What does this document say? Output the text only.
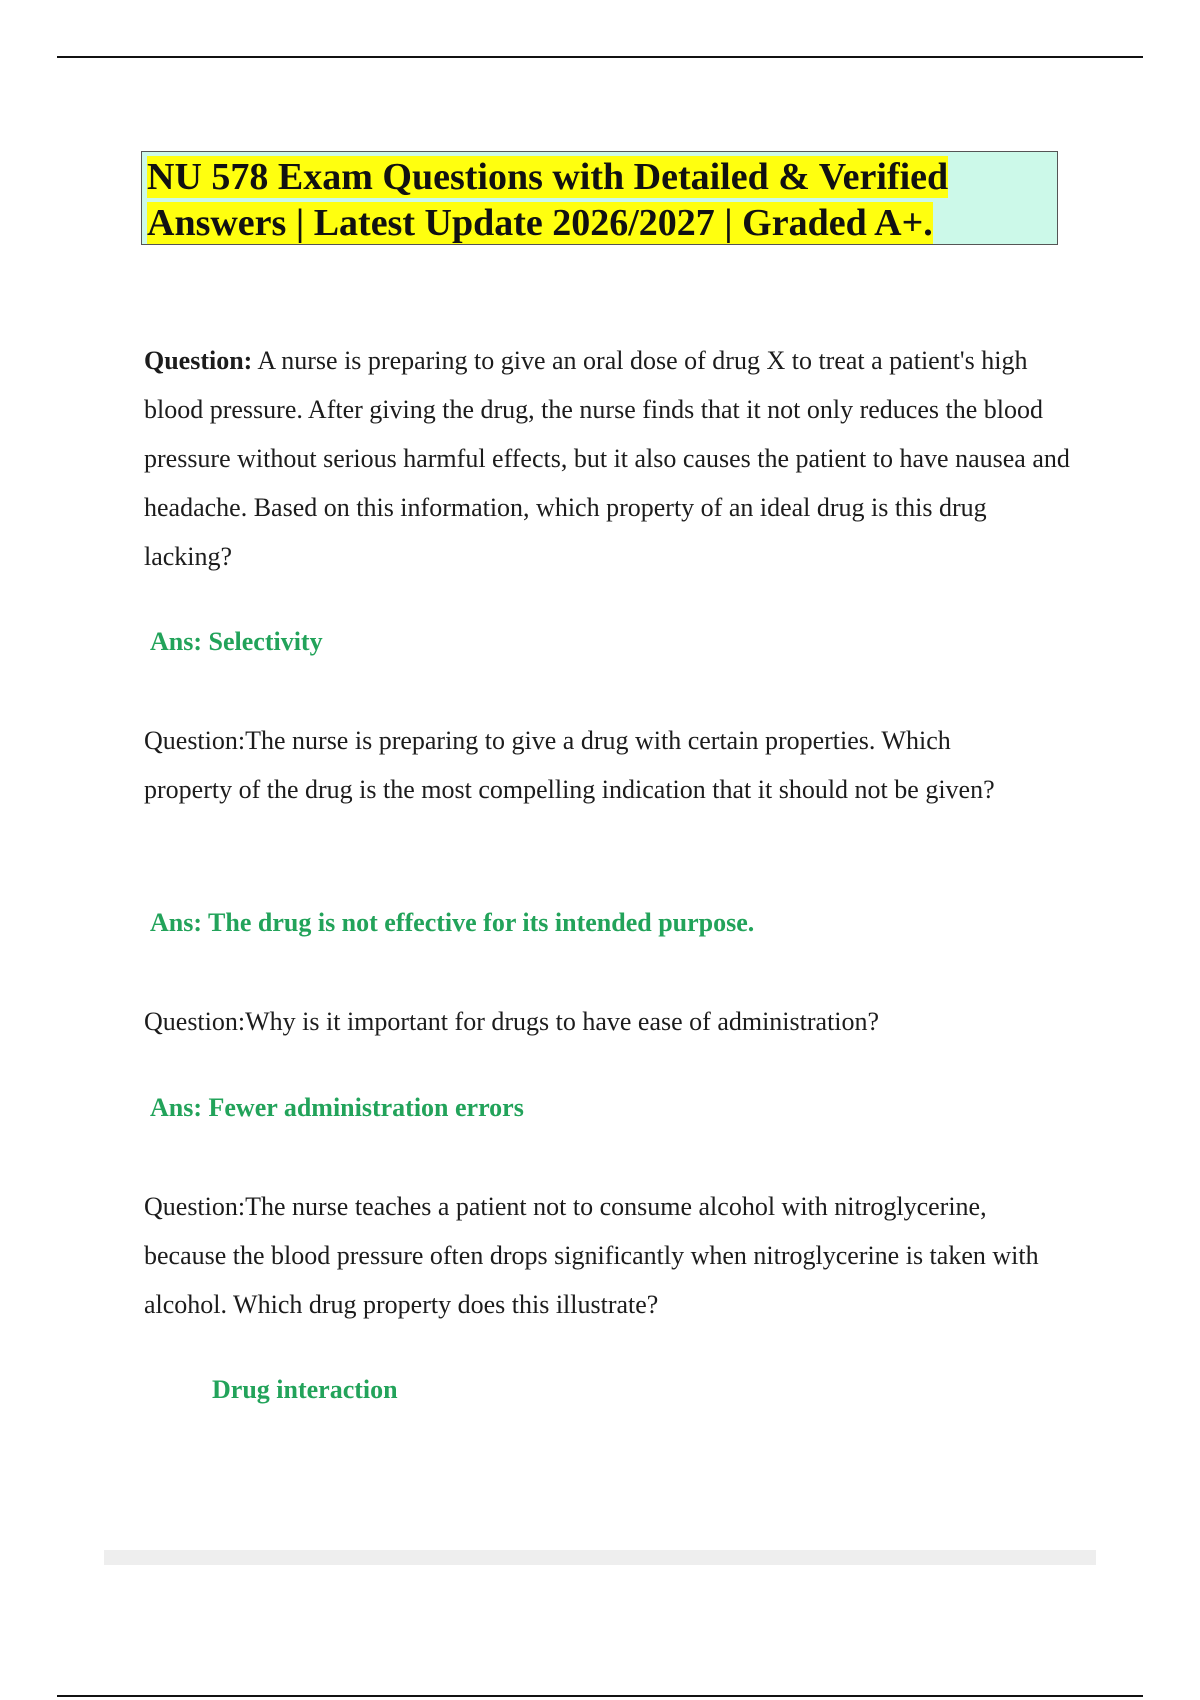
NU 578 Exam Questions with Detailed & Verified
Answers | Latest Update 2026/2027 | Graded A+.

Question: A nurse is preparing to give an oral dose of drug X to treat a patient's high blood pressure. After giving the drug, the nurse finds that it not only reduces the blood pressure without serious harmful effects, but it also causes the patient to have nausea and headache. Based on this information, which property of an ideal drug is this drug lacking?

Ans: Selectivity

Question:The nurse is preparing to give a drug with certain properties. Which property of the drug is the most compelling indication that it should not be given?

Ans: The drug is not effective for its intended purpose.

Question:Why is it important for drugs to have ease of administration?

Ans: Fewer administration errors

Question:The nurse teaches a patient not to consume alcohol with nitroglycerine, because the blood pressure often drops significantly when nitroglycerine is taken with alcohol. Which drug property does this illustrate?

Drug interaction
